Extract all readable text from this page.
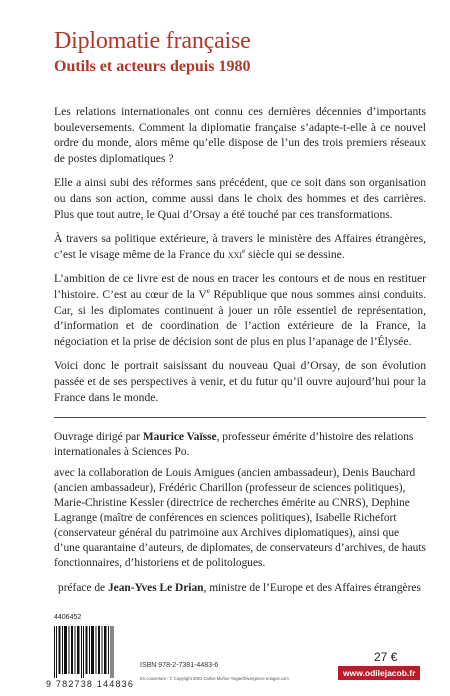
Diplomatie française
Outils et acteurs depuis 1980

Les relations internationales ont connu ces dernières décennies d’importants bouleversements. Comment la diplomatie française s’adapte-t-elle à ce nouvel ordre du monde, alors même qu’elle dispose de l’un des trois premiers réseaux de postes diplomatiques ?

Elle a ainsi subi des réformes sans précédent, que ce soit dans son organisation ou dans son action, comme aussi dans le choix des hommes et des carrières. Plus que tout autre, le Quai d’Orsay a été touché par ces transformations.

À travers sa politique extérieure, à travers le ministère des Affaires étrangères, c’est le visage même de la France du xxi$^e$ siècle qui se dessine.

L’ambition de ce livre est de nous en tracer les contours et de nous en restituer l’histoire. C’est au cœur de la Ve République que nous sommes ainsi conduits. Car, si les diplomates continuent à jouer un rôle essentiel de représentation, d’information et de coordination de l’action extérieure de la France, la négociation et la prise de décision sont de plus en plus l’apanage de l’Élysée.

Voici donc le portrait saisissant du nouveau Quai d’Orsay, de son évolution passée et de ses perspectives à venir, et du futur qu’il ouvre aujourd’hui pour la France dans le monde.

Ouvrage dirigé par Maurice Vaïsse, professeur émérite d’histoire des relations internationales à Sciences Po.

avec la collaboration de Louis Amigues (ancien ambassadeur), Denis Bauchard (ancien ambassadeur), Frédéric Charillon (professeur de sciences politiques), Marie-Christine Kessler (directrice de recherches émérite au CNRS), Dephine Lagrange (maître de conférences en sciences politiques), Isabelle Richefort (conservateur général du patrimoine aux Archives diplomatiques), ainsi que d’une quarantaine d’auteurs, de diplomates, de conservateurs d’archives, de hauts fonctionnaires, d’historiens et de politologues.

préface de Jean-Yves Le Drian, ministre de l’Europe et des Affaires étrangères

4406452
9 782738 144836
ISBN 978-2-7381-4483-6
En couverture : © Copyright 2001 Carlos Muñoz-Yagüe/Divergence-images.com
27 €
www.odilejacob.fr
